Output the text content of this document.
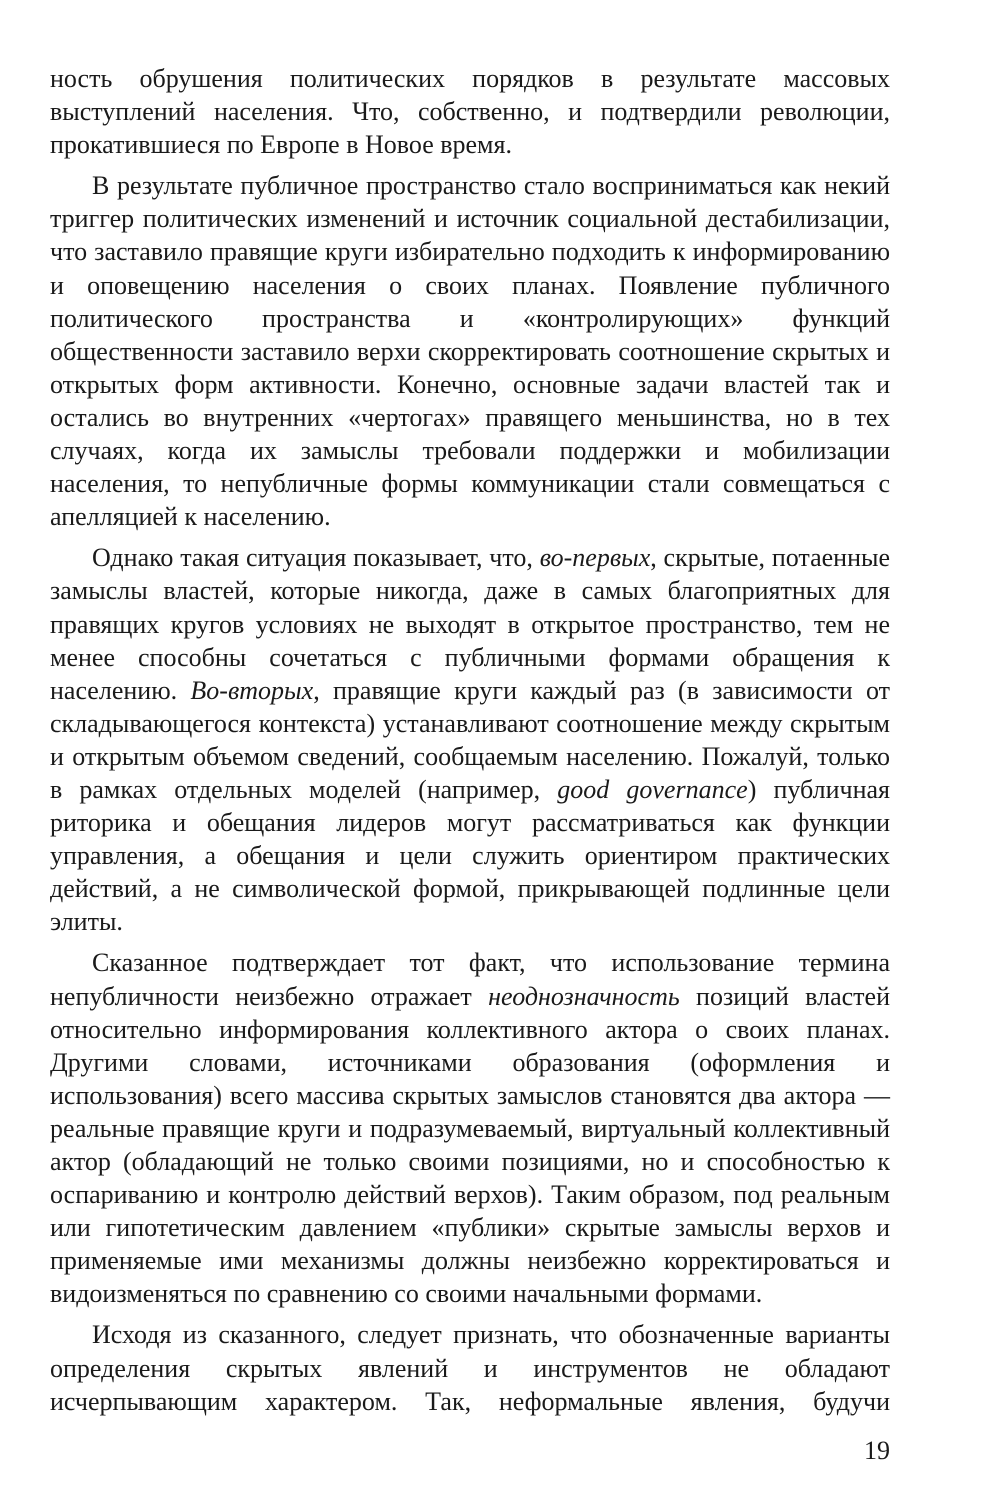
ность обрушения политических порядков в результате массовых выступлений населения. Что, собственно, и подтвердили революции, прокатившиеся по Европе в Новое время.

В результате публичное пространство стало восприниматься как некий триггер политических изменений и источник социальной дестабилизации, что заставило правящие круги избирательно подходить к информированию и оповещению населения о своих планах. Появление публичного политического пространства и «контролирующих» функций общественности заставило верхи скорректировать соотношение скрытых и открытых форм активности. Конечно, основные задачи властей так и остались во внутренних «чертогах» правящего меньшинства, но в тех случаях, когда их замыслы требовали поддержки и мобилизации населения, то непубличные формы коммуникации стали совмещаться с апелляцией к населению.

Однако такая ситуация показывает, что, во-первых, скрытые, потаенные замыслы властей, которые никогда, даже в самых благоприятных для правящих кругов условиях не выходят в открытое пространство, тем не менее способны сочетаться с публичными формами обращения к населению. Во-вторых, правящие круги каждый раз (в зависимости от складывающегося контекста) устанавливают соотношение между скрытым и открытым объемом сведений, сообщаемым населению. Пожалуй, только в рамках отдельных моделей (например, good governance) публичная риторика и обещания лидеров могут рассматриваться как функции управления, а обещания и цели служить ориентиром практических действий, а не символической формой, прикрывающей подлинные цели элиты.

Сказанное подтверждает тот факт, что использование термина непубличности неизбежно отражает неоднозначность позиций властей относительно информирования коллективного актора о своих планах. Другими словами, источниками образования (оформления и использования) всего массива скрытых замыслов становятся два актора — реальные правящие круги и подразумеваемый, виртуальный коллективный актор (обладающий не только своими позициями, но и способностью к оспариванию и контролю действий верхов). Таким образом, под реальным или гипотетическим давлением «публики» скрытые замыслы верхов и применяемые ими механизмы должны неизбежно корректироваться и видоизменяться по сравнению со своими начальными формами.

Исходя из сказанного, следует признать, что обозначенные варианты определения скрытых явлений и инструментов не обладают исчерпывающим характером. Так, неформальные явления, будучи

19
